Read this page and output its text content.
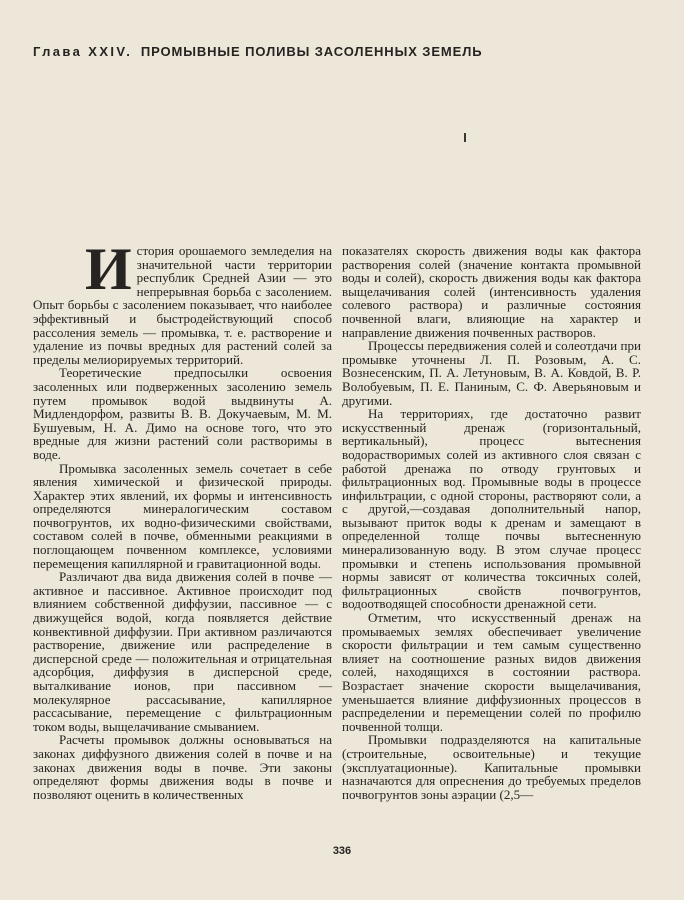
Глава XXIV. ПРОМЫВНЫЕ ПОЛИВЫ ЗАСОЛЕННЫХ ЗЕМЕЛЬ

История орошаемого земледелия на значительной части территории республик Средней Азии — это непрерывная борьба с засолением. Опыт борьбы с засолением показывает, что наиболее эффективный и быстродействующий способ рассоления земель — промывка, т. е. растворение и удаление из почвы вредных для растений солей за пределы мелиорируемых территорий.

Теоретические предпосылки освоения засоленных или подверженных засолению земель путем промывок водой выдвинуты А. Мидлендорфом, развиты В. В. Докучаевым, М. М. Бушуевым, Н. А. Димо на основе того, что это вредные для жизни растений соли растворимы в воде.

Промывка засоленных земель сочетает в себе явления химической и физической природы. Характер этих явлений, их формы и интенсивность определяются минералогическим составом почвогрунтов, их водно-физическими свойствами, составом солей в почве, обменными реакциями в поглощающем почвенном комплексе, условиями перемещения капиллярной и гравитационной воды.

Различают два вида движения солей в почве — активное и пассивное. Активное происходит под влиянием собственной диффузии, пассивное — с движущейся водой, когда появляется действие конвективной диффузии. При активном различаются растворение, движение или распределение в дисперсной среде — положительная и отрицательная адсорбция, диффузия в дисперсной среде, выталкивание ионов, при пассивном — молекулярное рассасывание, капиллярное рассасывание, перемещение с фильтрационным током воды, выщелачивание смыванием.

Расчеты промывок должны основываться на законах диффузного движения солей в почве и на законах движения воды в почве. Эти законы определяют формы движения воды в почве и позволяют оценить в количественных

показателях скорость движения воды как фактора растворения солей (значение контакта промывной воды и солей), скорость движения воды как фактора выщелачивания солей (интенсивность удаления солевого раствора) и различные состояния почвенной влаги, влияющие на характер и направление движения почвенных растворов.

Процессы передвижения солей и солеотдачи при промывке уточнены Л. П. Розовым, А. С. Вознесенским, П. А. Летуновым, В. А. Ковдой, В. Р. Волобуевым, П. Е. Паниным, С. Ф. Аверьяновым и другими.

На территориях, где достаточно развит искусственный дренаж (горизонтальный, вертикальный), процесс вытеснения водорастворимых солей из активного слоя связан с работой дренажа по отводу грунтовых и фильтрационных вод. Промывные воды в процессе инфильтрации, с одной стороны, растворяют соли, а с другой,—создавая дополнительный напор, вызывают приток воды к дренам и замещают в определенной толще почвы вытесненную минерализованную воду. В этом случае процесс промывки и степень использования промывной нормы зависят от количества токсичных солей, фильтрационных свойств почвогрунтов, водоотводящей способности дренажной сети.

Отметим, что искусственный дренаж на промываемых землях обеспечивает увеличение скорости фильтрации и тем самым существенно влияет на соотношение разных видов движения солей, находящихся в состоянии раствора. Возрастает значение скорости выщелачивания, уменьшается влияние диффузионных процессов в распределении и перемещении солей по профилю почвенной толщи.

Промывки подразделяются на капитальные (строительные, освоительные) и текущие (эксплуатационные). Капитальные промывки назначаются для опреснения до требуемых пределов почвогрунтов зоны аэрации (2,5—

336
